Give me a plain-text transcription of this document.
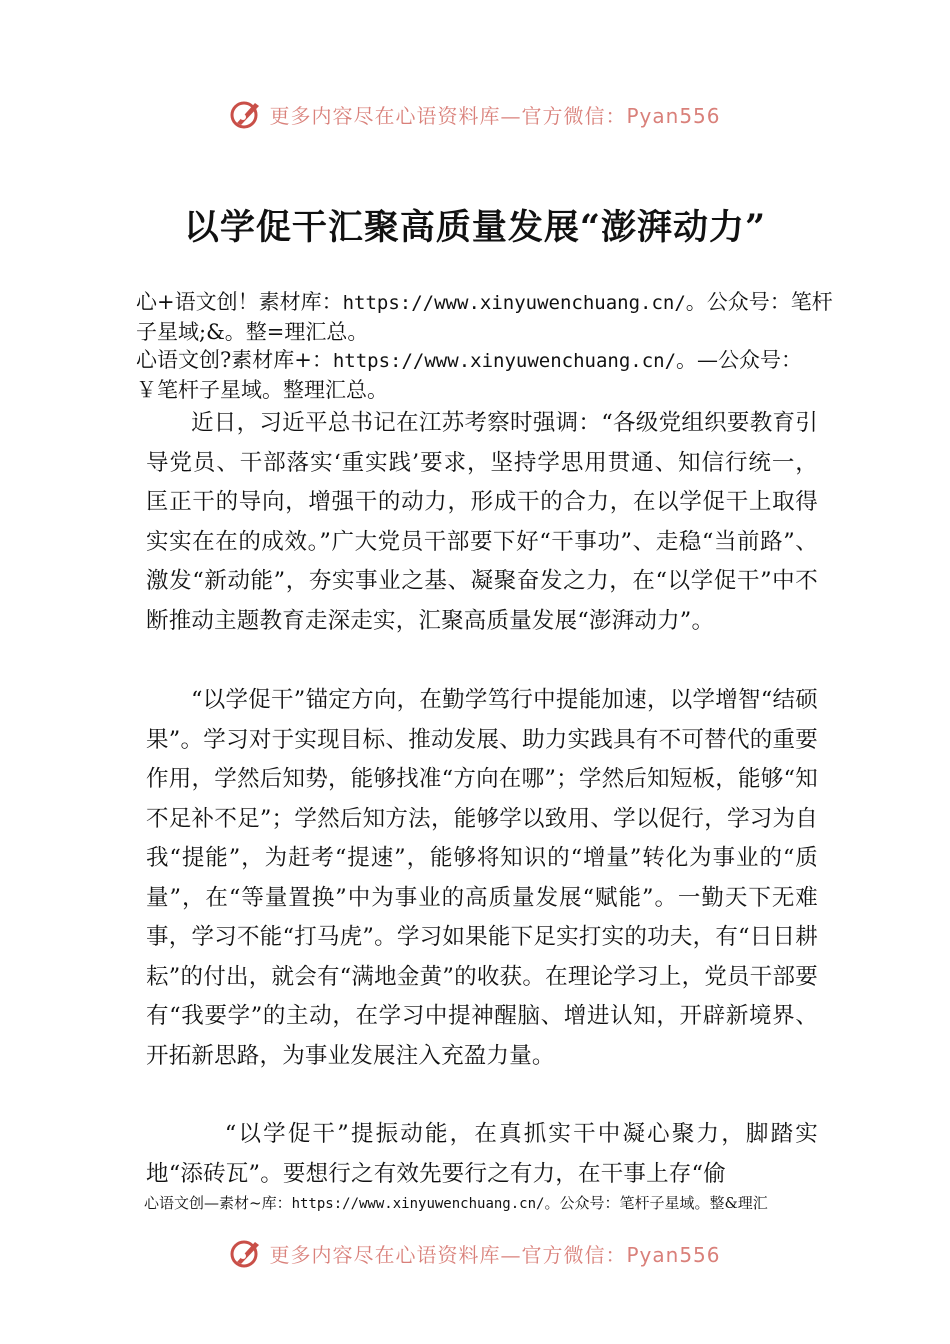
更多内容尽在心语资料库—官方微信：Pyan556
以学促干汇聚高质量发展“澎湃动力”
心+语文创！素材库：https://www.xinyuwenchuang.cn/。公众号：笔杆子星域;&。整=理汇总。
心语文创?素材库+：https://www.xinyuwenchuang.cn/。—公众号：￥笔杆子星域。整理汇总。
近日，习近平总书记在江苏考察时强调：“各级党组织要教育引导党员、干部落实‘重实践’要求，坚持学思用贯通、知信行统一，匡正干的导向，增强干的动力，形成干的合力，在以学促干上取得实实在在的成效。”广大党员干部要下好“干事功”、走稳“当前路”、激发“新动能”，夯实事业之基、凝聚奋发之力，在“以学促干”中不断推动主题教育走深走实，汇聚高质量发展“澎湃动力”。
“以学促干”锚定方向，在勤学笃行中提能加速，以学增智“结硕果”。学习对于实现目标、推动发展、助力实践具有不可替代的重要作用，学然后知势，能够找准“方向在哪”；学然后知短板，能够“知不足补不足”；学然后知方法，能够学以致用、学以促行，学习为自我“提能”，为赶考“提速”，能够将知识的“增量”转化为事业的“质量”，在“等量置换”中为事业的高质量发展“赋能”。一勤天下无难事，学习不能“打马虎”。学习如果能下足实打实的功夫，有“日日耕耘”的付出，就会有“满地金黄”的收获。在理论学习上，党员干部要有“我要学”的主动，在学习中提神醒脑、增进认知，开辟新境界、开拓新思路，为事业发展注入充盈力量。
“以学促干”提振动能，在真抓实干中凝心聚力，脚踏实地“添砖瓦”。要想行之有效先要行之有力，在干事上存“偷
心语文创—素材~库：https://www.xinyuwenchuang.cn/。公众号：笔杆子星域。整&理汇
更多内容尽在心语资料库—官方微信：Pyan556
